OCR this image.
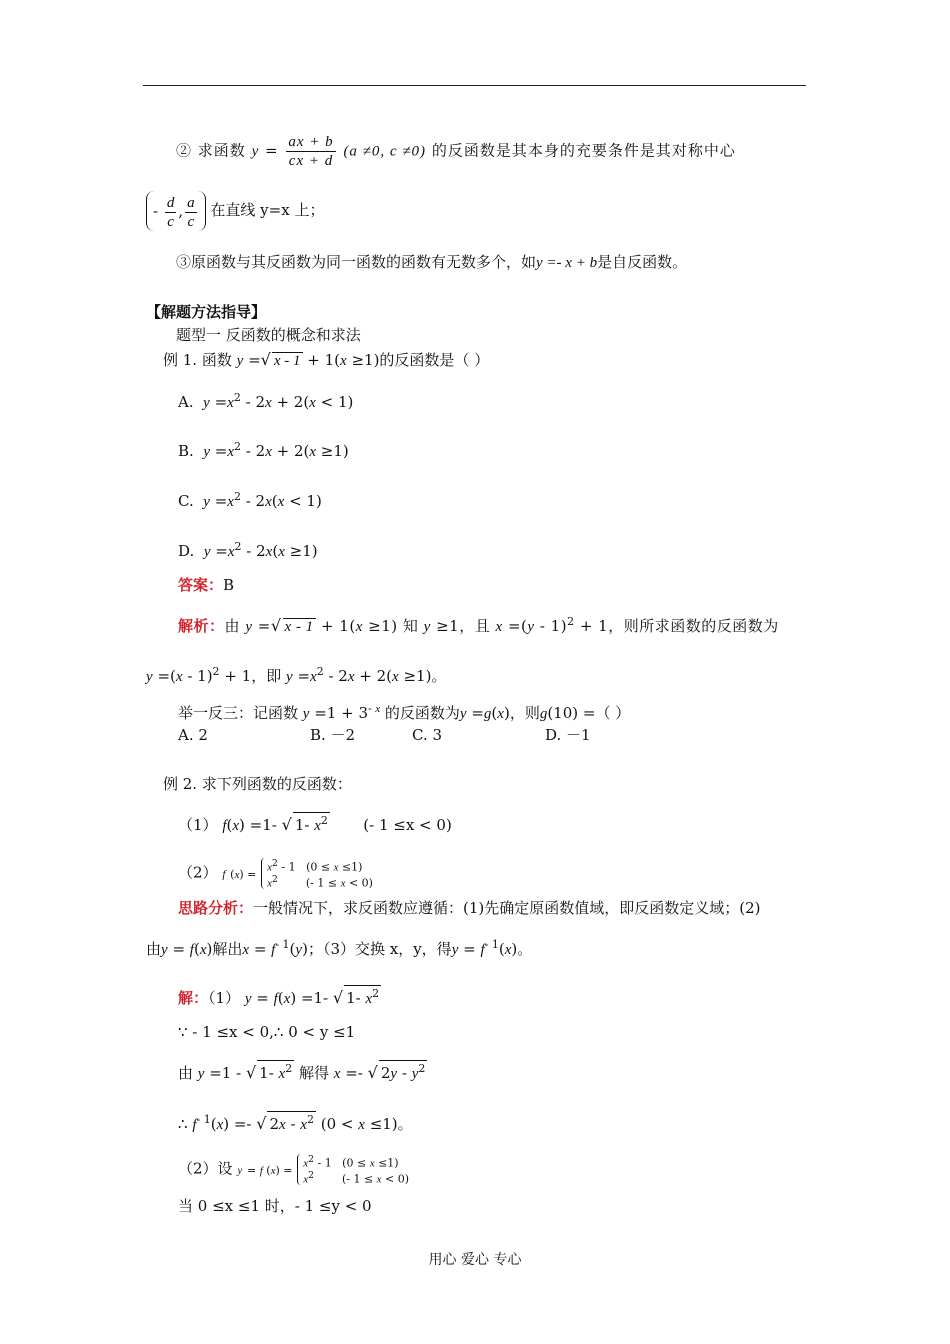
② 求函数 $y = \frac{ax + b}{cx + d} (a \ne 0$, c ≠0) 的反函数是其本身的充要条件是其对称中心
- $\frac{d}{c}$ , $\frac{a}{c}$ 在直线 y=x 上；
③原函数与其反函数为同一函数的函数有无数多个，如y =- x + b是自反函数。
【解题方法指导】
题型一 反函数的概念和求法
例 1. 函数 y =√ x - 1 + 1(x ≥1)的反函数是（ ）
A. $y =x^2 - 2x + 2(x < 1)$
B. $y =x^2 - 2x + 2(x \ge 1)$
C. $y =x^2 - 2x(x < 1)$
D. $y =x^2 - 2x(x \ge 1)$
答案：B
解析：由 y =√ x - 1 + 1(x ≥1) 知 y ≥1，且 x =(y - 1)$^2$ + 1，则所求函数的反函数为
y =(x - 1)$^2$ + 1，即 $y =x^2 - 2x + 2(x \ge 1)$。
举一反三：记函数 $y =1 + 3^{- x}$ 的反函数为y =g(x)，则g(10) =（ ）
A. 2	B. －2	C. 3	D. －1
例 2. 求下列函数的反函数：
（1） f(x) =1- √ 1- $x^2$ (- 1 ≤x < 0)
（2） f $(x) = x^2 - 1$   (0 ≤ x ≤1)
$x^2$        (- 1 ≤ x < 0)
思路分析：一般情况下，求反函数应遵循：(1)先确定原函数值域，即反函数定义域；(2)
由y = f(x)解出$x = f^{- 1}(y)$；（3）交换 x，y，得$y = f^{- 1}(x)$。
解：（1） y = f(x) =1- √ 1- $x^2$
∵ - 1 ≤x < 0,∴ 0 < y ≤1
由 y =1 - √ 1- $x^2$ 解得 x =- √ $2y - y^2$
∴ $f^{- 1}(x)$ =- √ $2x - x^2$ (0 < x ≤1)。
（2）设 y = f $(x) = x^2 - 1$   (0 ≤ x ≤1)
$x^2$        (- 1 ≤ x < 0)
当 0 ≤x ≤1 时，- 1 ≤y < 0
用心 爱心 专心
